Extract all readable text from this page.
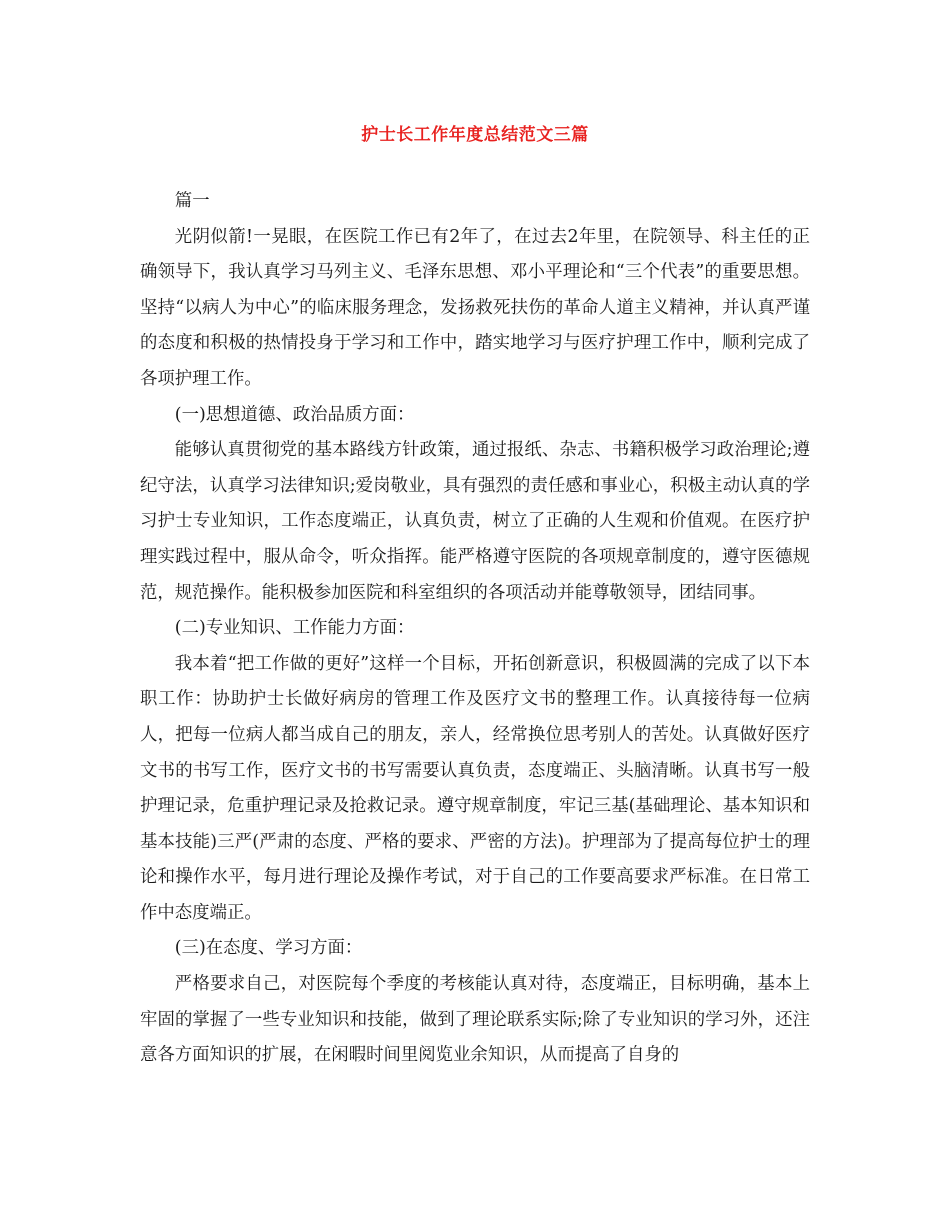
护士长工作年度总结范文三篇

篇一

光阴似箭!一晃眼，在医院工作已有2年了，在过去2年里，在院领导、科主任的正确领导下，我认真学习马列主义、毛泽东思想、邓小平理论和“三个代表”的重要思想。坚持“以病人为中心”的临床服务理念，发扬救死扶伤的革命人道主义精神，并认真严谨的态度和积极的热情投身于学习和工作中，踏实地学习与医疗护理工作中，顺利完成了各项护理工作。

(一)思想道德、政治品质方面：

能够认真贯彻党的基本路线方针政策，通过报纸、杂志、书籍积极学习政治理论;遵纪守法，认真学习法律知识;爱岗敬业，具有强烈的责任感和事业心，积极主动认真的学习护士专业知识，工作态度端正，认真负责，树立了正确的人生观和价值观。在医疗护理实践过程中，服从命令，听众指挥。能严格遵守医院的各项规章制度的，遵守医德规范，规范操作。能积极参加医院和科室组织的各项活动并能尊敬领导，团结同事。

(二)专业知识、工作能力方面：

我本着“把工作做的更好”这样一个目标，开拓创新意识，积极圆满的完成了以下本职工作：协助护士长做好病房的管理工作及医疗文书的整理工作。认真接待每一位病人，把每一位病人都当成自己的朋友，亲人，经常换位思考别人的苦处。认真做好医疗文书的书写工作，医疗文书的书写需要认真负责，态度端正、头脑清晰。认真书写一般护理记录，危重护理记录及抢救记录。遵守规章制度，牢记三基(基础理论、基本知识和基本技能)三严(严肃的态度、严格的要求、严密的方法)。护理部为了提高每位护士的理论和操作水平，每月进行理论及操作考试，对于自己的工作要高要求严标准。在日常工作中态度端正。

(三)在态度、学习方面：

严格要求自己，对医院每个季度的考核能认真对待，态度端正，目标明确，基本上牢固的掌握了一些专业知识和技能，做到了理论联系实际;除了专业知识的学习外，还注意各方面知识的扩展，在闲暇时间里阅览业余知识，从而提高了自身的
